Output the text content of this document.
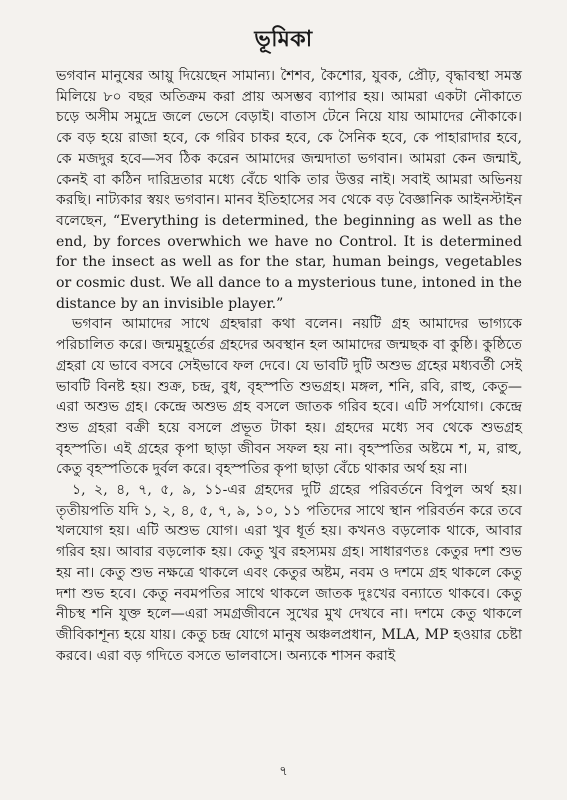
ভূমিকা

ভগবান মানুষের আয়ু দিয়েছেন সামান্য। শৈশব, কৈশোর, যুবক, প্রৌঢ়, বৃদ্ধাবস্থা সমস্ত মিলিয়ে ৮০ বছর অতিক্রম করা প্রায় অসম্ভব ব্যাপার হয়। আমরা একটা নৌকাতে চড়ে অসীম সমুদ্রে জলে ভেসে বেড়াই। বাতাস টেনে নিয়ে যায় আমাদের নৌকাকে। কে বড় হয়ে রাজা হবে, কে গরিব চাকর হবে, কে সৈনিক হবে, কে পাহারাদার হবে, কে মজদুর হবে—সব ঠিক করেন আমাদের জন্মদাতা ভগবান। আমরা কেন জন্মাই, কেনই বা কঠিন দারিদ্রতার মধ্যে বেঁচে থাকি তার উত্তর নাই। সবাই আমরা অভিনয় করছি। নাট্যকার স্বয়ং ভগবান। মানব ইতিহাসের সব থেকে বড় বৈজ্ঞানিক আইনস্টাইন বলেছেন, “Everything is determined, the beginning as well as the end, by forces overwhich we have no Control. It is determined for the insect as well as for the star, human beings, vegetables or cosmic dust. We all dance to a mysterious tune, intoned in the distance by an invisible player.”

ভগবান আমাদের সাথে গ্রহদ্বারা কথা বলেন। নয়টি গ্রহ আমাদের ভাগ্যকে পরিচালিত করে। জন্মমুহূর্তের গ্রহদের অবস্থান হল আমাদের জন্মছক বা কুষ্ঠি। কুষ্ঠিতে গ্রহরা যে ভাবে বসবে সেইভাবে ফল দেবে। যে ভাবটি দুটি অশুভ গ্রহের মধ্যবর্তী সেই ভাবটি বিনষ্ট হয়। শুক্র, চন্দ্র, বুধ, বৃহস্পতি শুভগ্রহ। মঙ্গল, শনি, রবি, রাহু, কেতু—এরা অশুভ গ্রহ। কেন্দ্রে অশুভ গ্রহ বসলে জাতক গরিব হবে। এটি সর্পযোগ। কেন্দ্রে শুভ গ্রহরা বক্রী হয়ে বসলে প্রভূত টাকা হয়। গ্রহদের মধ্যে সব থেকে শুভগ্রহ বৃহস্পতি। এই গ্রহের কৃপা ছাড়া জীবন সফল হয় না। বৃহস্পতির অষ্টমে শ, ম, রাহু, কেতু বৃহস্পতিকে দুর্বল করে। বৃহস্পতির কৃপা ছাড়া বেঁচে থাকার অর্থ হয় না।

১, ২, ৪, ৭, ৫, ৯, ১১-এর গ্রহদের দুটি গ্রহের পরিবর্তনে বিপুল অর্থ হয়। তৃতীয়পতি যদি ১, ২, ৪, ৫, ৭, ৯, ১০, ১১ পতিদের সাথে স্থান পরিবর্তন করে তবে খলযোগ হয়। এটি অশুভ যোগ। এরা খুব ধূর্ত হয়। কখনও বড়লোক থাকে, আবার গরিব হয়। আবার বড়লোক হয়। কেতু খুব রহস্যময় গ্রহ। সাধারণতঃ কেতুর দশা শুভ হয় না। কেতু শুভ নক্ষত্রে থাকলে এবং কেতুর অষ্টম, নবম ও দশমে গ্রহ থাকলে কেতু দশা শুভ হবে। কেতু নবমপতির সাথে থাকলে জাতক দুঃখের বন্যাতে থাকবে। কেতু নীচস্থ শনি যুক্ত হলে—এরা সমগ্রজীবনে সুখের মুখ দেখবে না। দশমে কেতু থাকলে জীবিকাশূন্য হয়ে যায়। কেতু চন্দ্র যোগে মানুষ অঞ্চলপ্রধান, MLA, MP হওয়ার চেষ্টা করবে। এরা বড় গদিতে বসতে ভালবাসে। অন্যকে শাসন করাই

৭
